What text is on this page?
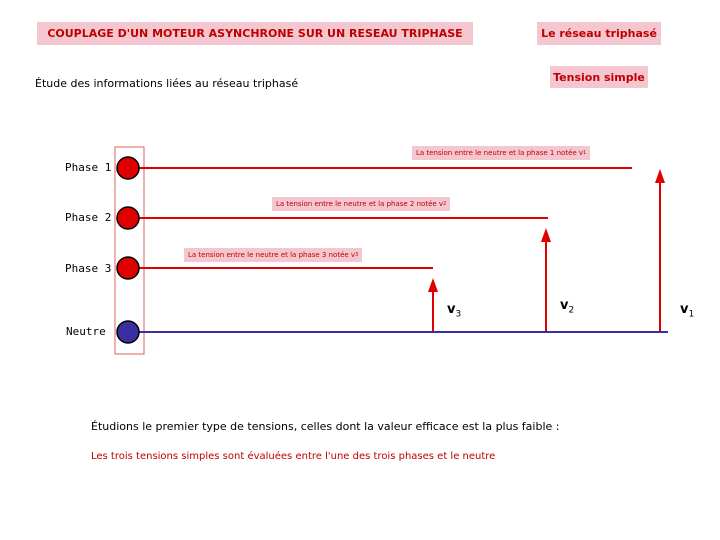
COUPLAGE D'UN MOTEUR ASYNCHRONE SUR UN RESEAU TRIPHASE	Le réseau triphasé
Tension simple
Étude des informations liées au réseau triphasé
Phase 1
Phase 2
Phase 3
Neutre
La tension entre le neutre et la phase 1 notée v 1
La tension entre le neutre et la phase 2 notée v 2
La tension entre le neutre et la phase 3 notée v 3
$v_1$
$v_2$
$v_3$
Étudions le premier type de tensions, celles dont la valeur efficace est la plus faible :
Les trois tensions simples sont évaluées entre l'une des trois phases et le neutre
